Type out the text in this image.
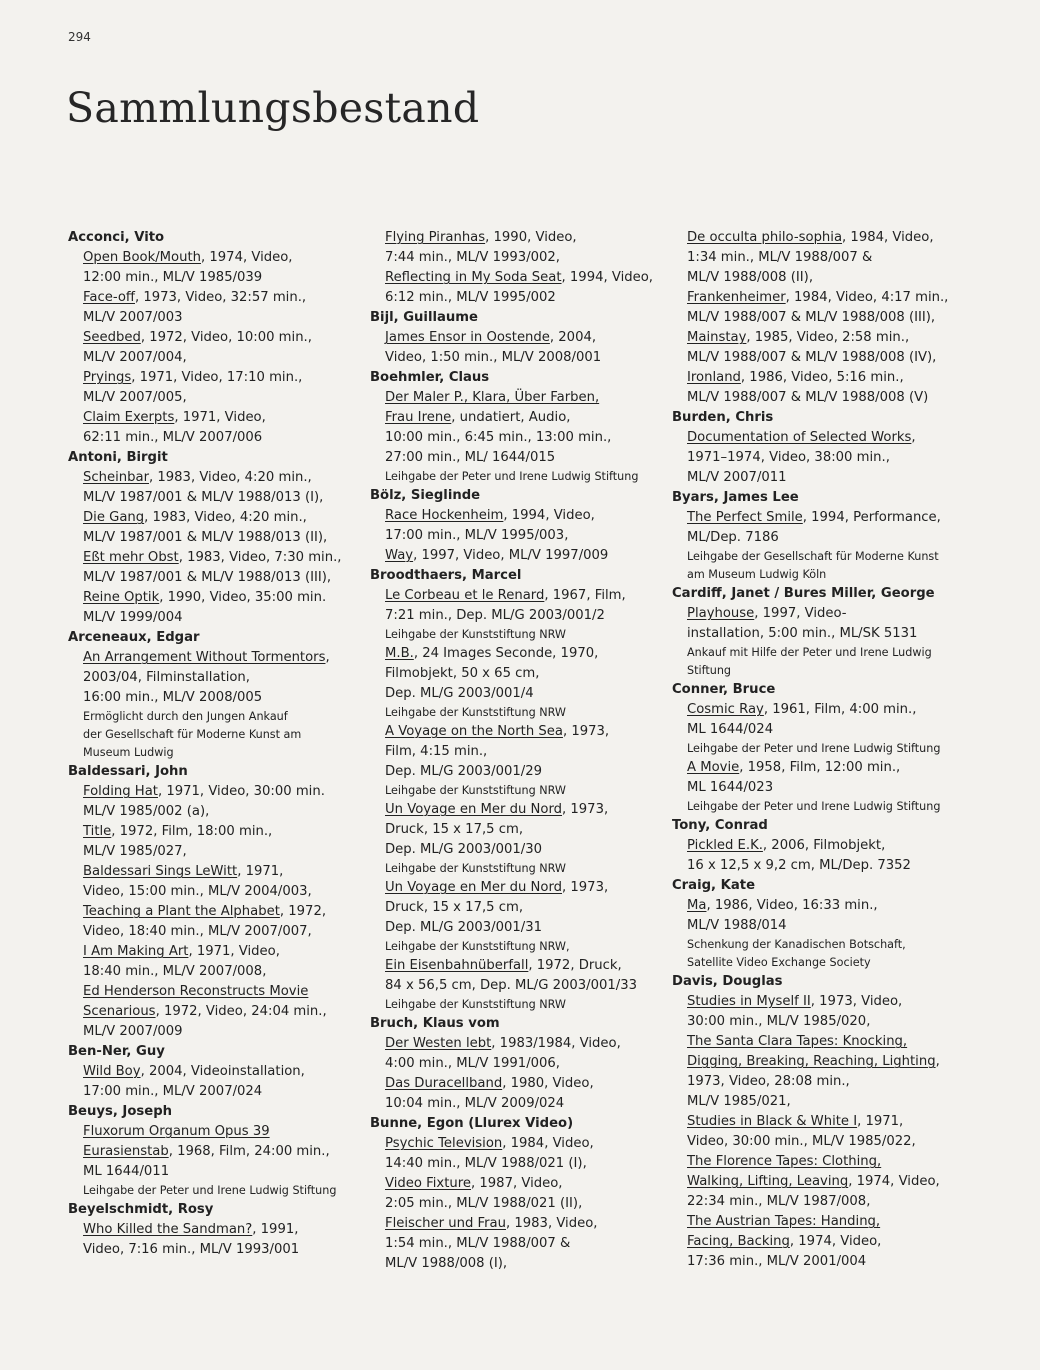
294
Sammlungsbestand
Acconci, Vito
Open Book/Mouth, 1974, Video,
12:00 min., ML/V 1985/039
Face-off, 1973, Video, 32:57 min.,
ML/V 2007/003
Seedbed, 1972, Video, 10:00 min.,
ML/V 2007/004,
Pryings, 1971, Video, 17:10 min.,
ML/V 2007/005,
Claim Exerpts, 1971, Video,
62:11 min., ML/V 2007/006
Antoni, Birgit
Scheinbar, 1983, Video, 4:20 min.,
ML/V 1987/001 & ML/V 1988/013 (I),
Die Gang, 1983, Video, 4:20 min.,
ML/V 1987/001 & ML/V 1988/013 (II),
Eßt mehr Obst, 1983, Video, 7:30 min.,
ML/V 1987/001 & ML/V 1988/013 (III),
Reine Optik, 1990, Video, 35:00 min.
ML/V 1999/004
Arceneaux, Edgar
An Arrangement Without Tormentors,
2003/04, Filminstallation,
16:00 min., ML/V 2008/005
Ermöglicht durch den Jungen Ankauf
der Gesellschaft für Moderne Kunst am
Museum Ludwig
Baldessari, John
Folding Hat, 1971, Video, 30:00 min.
ML/V 1985/002 (a),
Title, 1972, Film, 18:00 min.,
ML/V 1985/027,
Baldessari Sings LeWitt, 1971,
Video, 15:00 min., ML/V 2004/003,
Teaching a Plant the Alphabet, 1972,
Video, 18:40 min., ML/V 2007/007,
I Am Making Art, 1971, Video,
18:40 min., ML/V 2007/008,
Ed Henderson Reconstructs Movie
Scenarious, 1972, Video, 24:04 min.,
ML/V 2007/009
Ben-Ner, Guy
Wild Boy, 2004, Videoinstallation,
17:00 min., ML/V 2007/024
Beuys, Joseph
Fluxorum Organum Opus 39
Eurasienstab, 1968, Film, 24:00 min.,
ML 1644/011
Leihgabe der Peter und Irene Ludwig Stiftung
Beyelschmidt, Rosy
Who Killed the Sandman?, 1991,
Video, 7:16 min., ML/V 1993/001
Flying Piranhas, 1990, Video,
7:44 min., ML/V 1993/002,
Reflecting in My Soda Seat, 1994, Video,
6:12 min., ML/V 1995/002
Bijl, Guillaume
James Ensor in Oostende, 2004,
Video, 1:50 min., ML/V 2008/001
Boehmler, Claus
Der Maler P., Klara, Über Farben,
Frau Irene, undatiert, Audio,
10:00 min., 6:45 min., 13:00 min.,
27:00 min., ML/ 1644/015
Leihgabe der Peter und Irene Ludwig Stiftung
Bölz, Sieglinde
Race Hockenheim, 1994, Video,
17:00 min., ML/V 1995/003,
Way, 1997, Video, ML/V 1997/009
Broodthaers, Marcel
Le Corbeau et le Renard, 1967, Film,
7:21 min., Dep. ML/G 2003/001/2
Leihgabe der Kunststiftung NRW
M.B., 24 Images Seconde, 1970,
Filmobjekt, 50 x 65 cm,
Dep. ML/G 2003/001/4
Leihgabe der Kunststiftung NRW
A Voyage on the North Sea, 1973,
Film, 4:15 min.,
Dep. ML/G 2003/001/29
Leihgabe der Kunststiftung NRW
Un Voyage en Mer du Nord, 1973,
Druck, 15 x 17,5 cm,
Dep. ML/G 2003/001/30
Leihgabe der Kunststiftung NRW
Un Voyage en Mer du Nord, 1973,
Druck, 15 x 17,5 cm,
Dep. ML/G 2003/001/31
Leihgabe der Kunststiftung NRW,
Ein Eisenbahnüberfall, 1972, Druck,
84 x 56,5 cm, Dep. ML/G 2003/001/33
Leihgabe der Kunststiftung NRW
Bruch, Klaus vom
Der Westen lebt, 1983/1984, Video,
4:00 min., ML/V 1991/006,
Das Duracellband, 1980, Video,
10:04 min., ML/V 2009/024
Bunne, Egon (Llurex Video)
Psychic Television, 1984, Video,
14:40 min., ML/V 1988/021 (I),
Video Fixture, 1987, Video,
2:05 min., ML/V 1988/021 (II),
Fleischer und Frau, 1983, Video,
1:54 min., ML/V 1988/007 &
ML/V 1988/008 (I),
De occulta philo-sophia, 1984, Video,
1:34 min., ML/V 1988/007 &
ML/V 1988/008 (II),
Frankenheimer, 1984, Video, 4:17 min.,
ML/V 1988/007 & ML/V 1988/008 (III),
Mainstay, 1985, Video, 2:58 min.,
ML/V 1988/007 & ML/V 1988/008 (IV),
Ironland, 1986, Video, 5:16 min.,
ML/V 1988/007 & ML/V 1988/008 (V)
Burden, Chris
Documentation of Selected Works,
1971–1974, Video, 38:00 min.,
ML/V 2007/011
Byars, James Lee
The Perfect Smile, 1994, Performance,
ML/Dep. 7186
Leihgabe der Gesellschaft für Moderne Kunst
am Museum Ludwig Köln
Cardiff, Janet / Bures Miller, George
Playhouse, 1997, Video-
installation, 5:00 min., ML/SK 5131
Ankauf mit Hilfe der Peter und Irene Ludwig
Stiftung
Conner, Bruce
Cosmic Ray, 1961, Film, 4:00 min.,
ML 1644/024
Leihgabe der Peter und Irene Ludwig Stiftung
A Movie, 1958, Film, 12:00 min.,
ML 1644/023
Leihgabe der Peter und Irene Ludwig Stiftung
Tony, Conrad
Pickled E.K., 2006, Filmobjekt,
16 x 12,5 x 9,2 cm, ML/Dep. 7352
Craig, Kate
Ma, 1986, Video, 16:33 min.,
ML/V 1988/014
Schenkung der Kanadischen Botschaft,
Satellite Video Exchange Society
Davis, Douglas
Studies in Myself II, 1973, Video,
30:00 min., ML/V 1985/020,
The Santa Clara Tapes: Knocking,
Digging, Breaking, Reaching, Lighting,
1973, Video, 28:08 min.,
ML/V 1985/021,
Studies in Black & White I, 1971,
Video, 30:00 min., ML/V 1985/022,
The Florence Tapes: Clothing,
Walking, Lifting, Leaving, 1974, Video,
22:34 min., ML/V 1987/008,
The Austrian Tapes: Handing,
Facing, Backing, 1974, Video,
17:36 min., ML/V 2001/004
